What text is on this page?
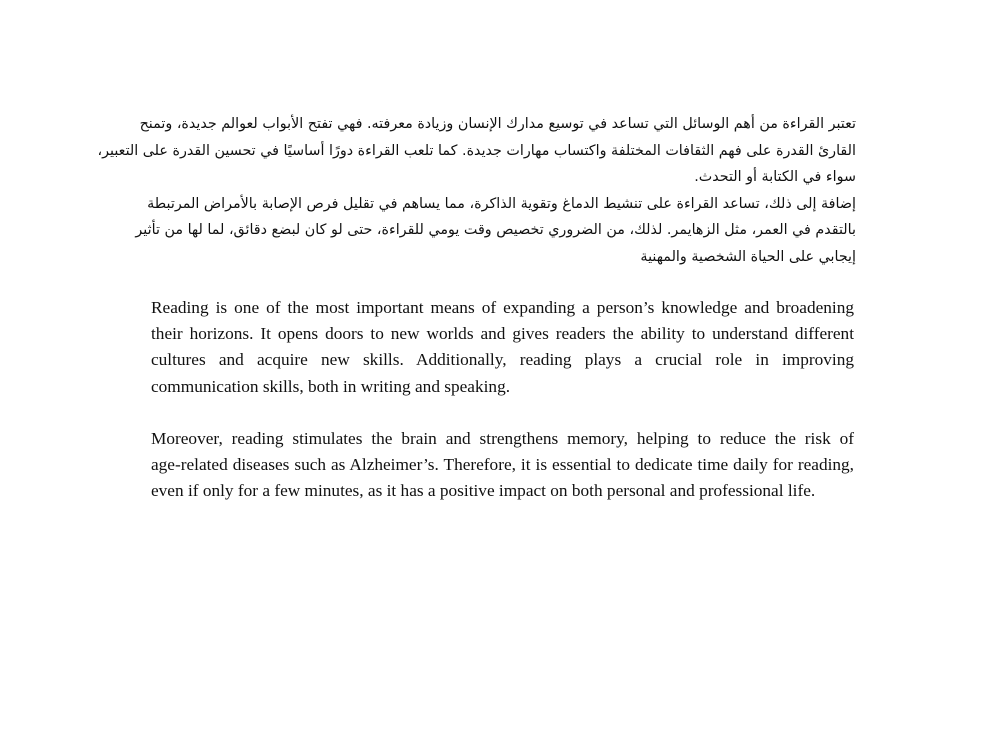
تعتبر القراءة من أهم الوسائل التي تساعد في توسيع مدارك الإنسان وزيادة معرفته. فهي تفتح الأبواب لعوالم جديدة، وتمنح
القارئ القدرة على فهم الثقافات المختلفة واكتساب مهارات جديدة. كما تلعب القراءة دورًا أساسيًا في تحسين القدرة على التعبير،
سواء في الكتابة أو التحدث.
إضافة إلى ذلك، تساعد القراءة على تنشيط الدماغ وتقوية الذاكرة، مما يساهم في تقليل فرص الإصابة بالأمراض المرتبطة
بالتقدم في العمر، مثل الزهايمر. لذلك، من الضروري تخصيص وقت يومي للقراءة، حتى لو كان لبضع دقائق، لما لها من تأثير
إيجابي على الحياة الشخصية والمهنية
Reading is one of the most important means of expanding a person’s knowledge and broadening
their horizons. It opens doors to new worlds and gives readers the ability to understand different
cultures and acquire new skills. Additionally, reading plays a crucial role in improving
communication skills, both in writing and speaking.
Moreover, reading stimulates the brain and strengthens memory, helping to reduce the risk of
age-related diseases such as Alzheimer’s. Therefore, it is essential to dedicate time daily for reading,
even if only for a few minutes, as it has a positive impact on both personal and professional life.
